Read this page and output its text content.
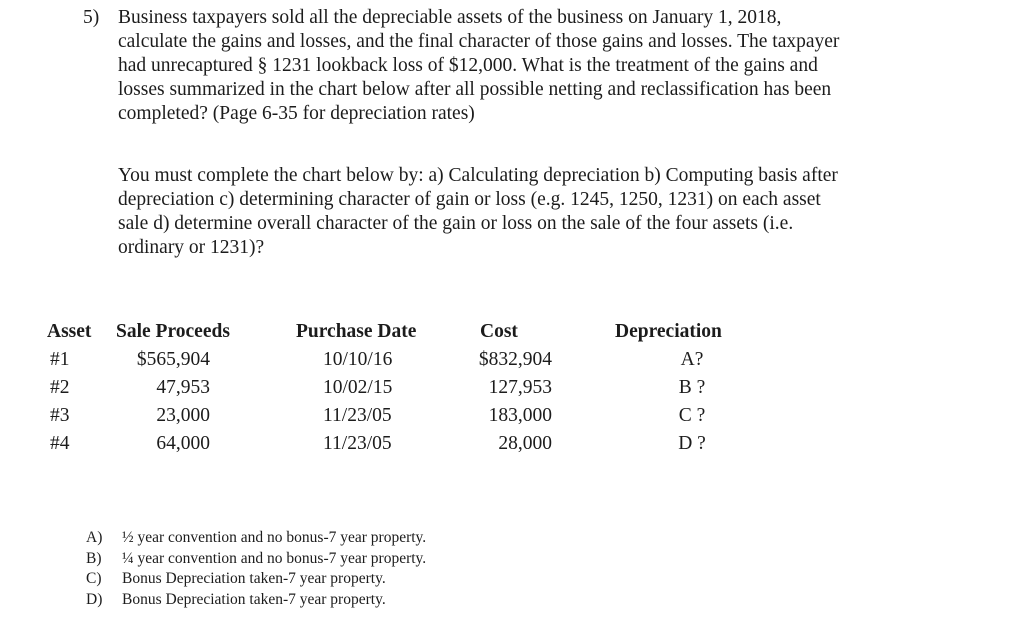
5) Business taxpayers sold all the depreciable assets of the business on January 1, 2018,
calculate the gains and losses, and the final character of those gains and losses. The taxpayer
had unrecaptured § 1231 lookback loss of $12,000. What is the treatment of the gains and
losses summarized in the chart below after all possible netting and reclassification has been
completed? (Page 6-35 for depreciation rates)
You must complete the chart below by: a) Calculating depreciation b) Computing basis after
depreciation c) determining character of gain or loss (e.g. 1245, 1250, 1231) on each asset
sale d) determine overall character of the gain or loss on the sale of the four assets (i.e.
ordinary or 1231)?
Asset Sale Proceeds	Purchase Date	Cost	Depreciation
#1	$565,904	10/10/16	$832,904	A?
#2	47,953	10/02/15	127,953	B ?
#3	23,000	11/23/05	183,000	C ?
#4	64,000	11/23/05	28,000	D ?
A) ½ year convention and no bonus-7 year property.
B) ¼ year convention and no bonus-7 year property.
C) Bonus Depreciation taken-7 year property.
D) Bonus Depreciation taken-7 year property.
